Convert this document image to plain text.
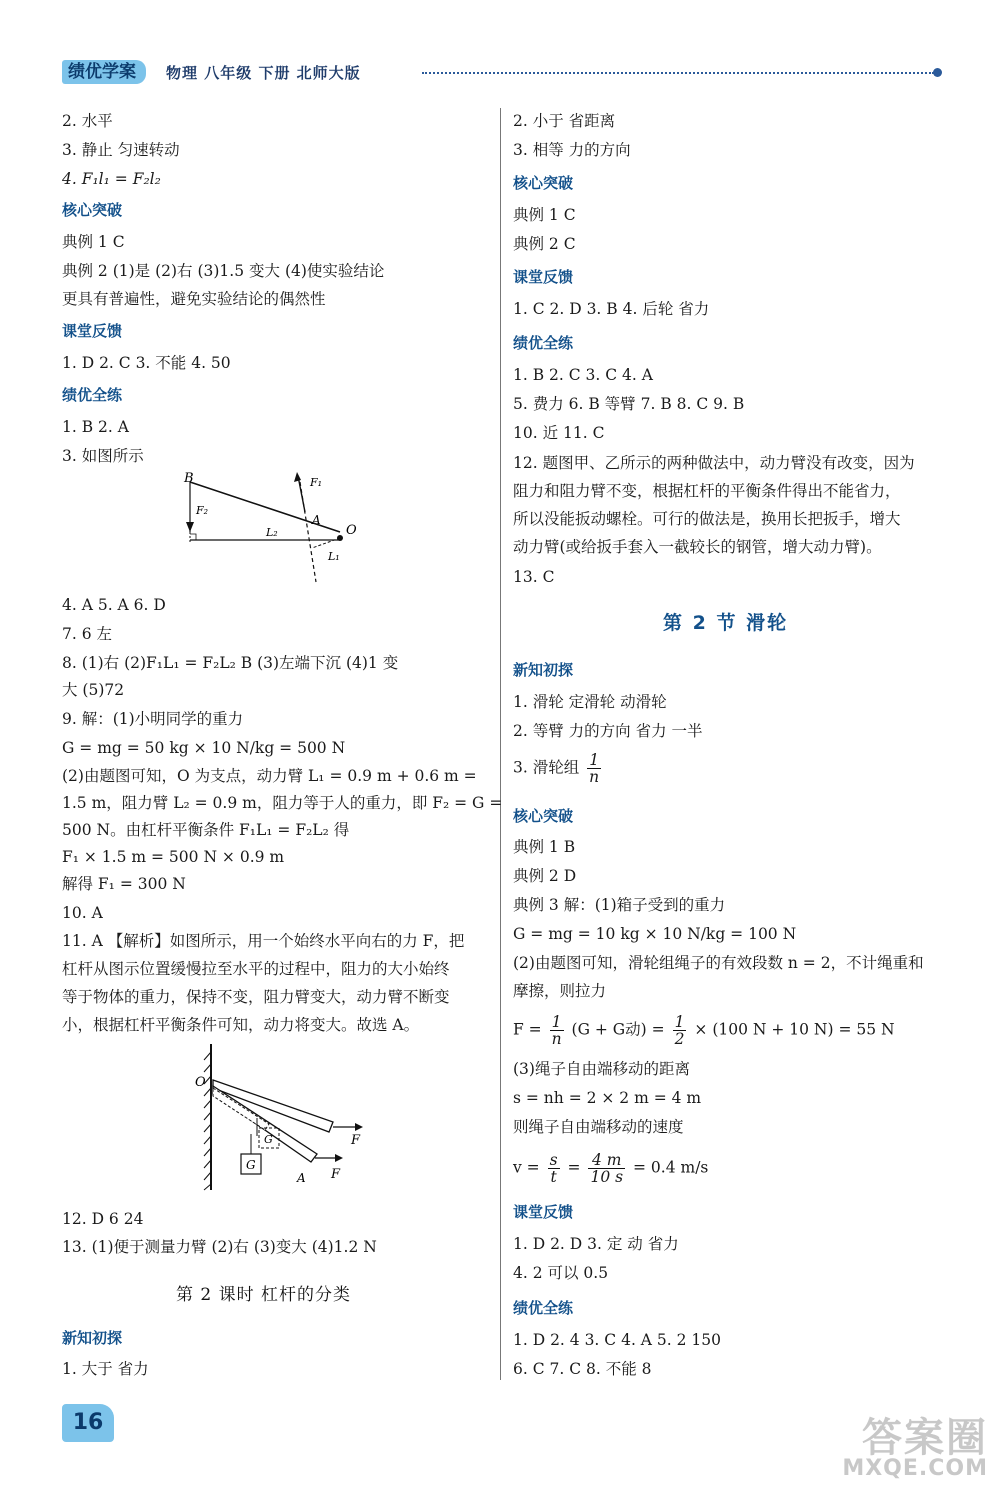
绩优学案	物理 八年级 下册 北师大版
2. 水平
3. 静止 匀速转动
4. F₁l₁ = F₂l₂
核心突破
典例 1 C
典例 2 (1)是 (2)右 (3)1.5 变大 (4)使实验结论
更具有普遍性，避免实验结论的偶然性
课堂反馈
1. D 2. C 3. 不能 4. 50
绩优全练
1. B 2. A
3. 如图所示
B	F₁
F₂
A
O
L₂
L₁
4. A 5. A 6. D
7. 6 左
8. (1)右 (2)F₁L₁ = F₂L₂ B (3)左端下沉 (4)1 变
大 (5)72
9. 解：(1)小明同学的重力
G = mg = 50 kg × 10 N/kg = 500 N
(2)由题图可知，O 为支点，动力臂 L₁ = 0.9 m + 0.6 m =
1.5 m，阻力臂 L₂ = 0.9 m，阻力等于人的重力，即 F₂ = G =
500 N。由杠杆平衡条件 F₁L₁ = F₂L₂ 得
F₁ × 1.5 m = 500 N × 0.9 m
解得 F₁ = 300 N
10. A
11. A 【解析】如图所示，用一个始终水平向右的力 F，把
杠杆从图示位置缓慢拉至水平的过程中，阻力的大小始终
等于物体的重力，保持不变，阻力臂变大，动力臂不断变
小，根据杠杆平衡条件可知，动力将变大。故选 A。
O
F
F
G
G
A
12. D 6 24
13. (1)便于测量力臂 (2)右 (3)变大 (4)1.2 N
第 2 课时 杠杆的分类
新知初探
1. 大于 省力
2. 小于 省距离
3. 相等 力的方向
核心突破
典例 1 C
典例 2 C
课堂反馈
1. C 2. D 3. B 4. 后轮 省力
绩优全练
1. B 2. C 3. C 4. A
5. 费力 6. B 等臂 7. B 8. C 9. B
10. 近 11. C
12. 题图甲、乙所示的两种做法中，动力臂没有改变，因为
阻力和阻力臂不变，根据杠杆的平衡条件得出不能省力，
所以没能扳动螺栓。可行的做法是，换用长把扳手，增大
动力臂(或给扳手套入一截较长的钢管，增大动力臂)。
13. C
第 2 节 滑轮
新知初探
1. 滑轮 定滑轮 动滑轮
2. 等臂 力的方向 省力 一半
3. 滑轮组 $\frac{1}{n}$
核心突破
典例 1 B
典例 2 D
典例 3 解：(1)箱子受到的重力
G = mg = 10 kg × 10 N/kg = 100 N
(2)由题图可知，滑轮组绳子的有效段数 n = 2，不计绳重和
摩擦，则拉力
$F = \frac{1}{n} (G + G$动) = $\frac{1}{2} \times (100$ N + 10 N) = 55 N
(3)绳子自由端移动的距离
s = nh = 2 × 2 m = 4 m
则绳子自由端移动的速度
$v = \frac{s}{t} = \frac{4 m}{10 s} = 0.4$ m/s
课堂反馈
1. D 2. D 3. 定 动 省力
4. 2 可以 0.5
绩优全练
1. D 2. 4 3. C 4. A 5. 2 150
6. C 7. C 8. 不能 8
16	答案圈
MXQE.COM
